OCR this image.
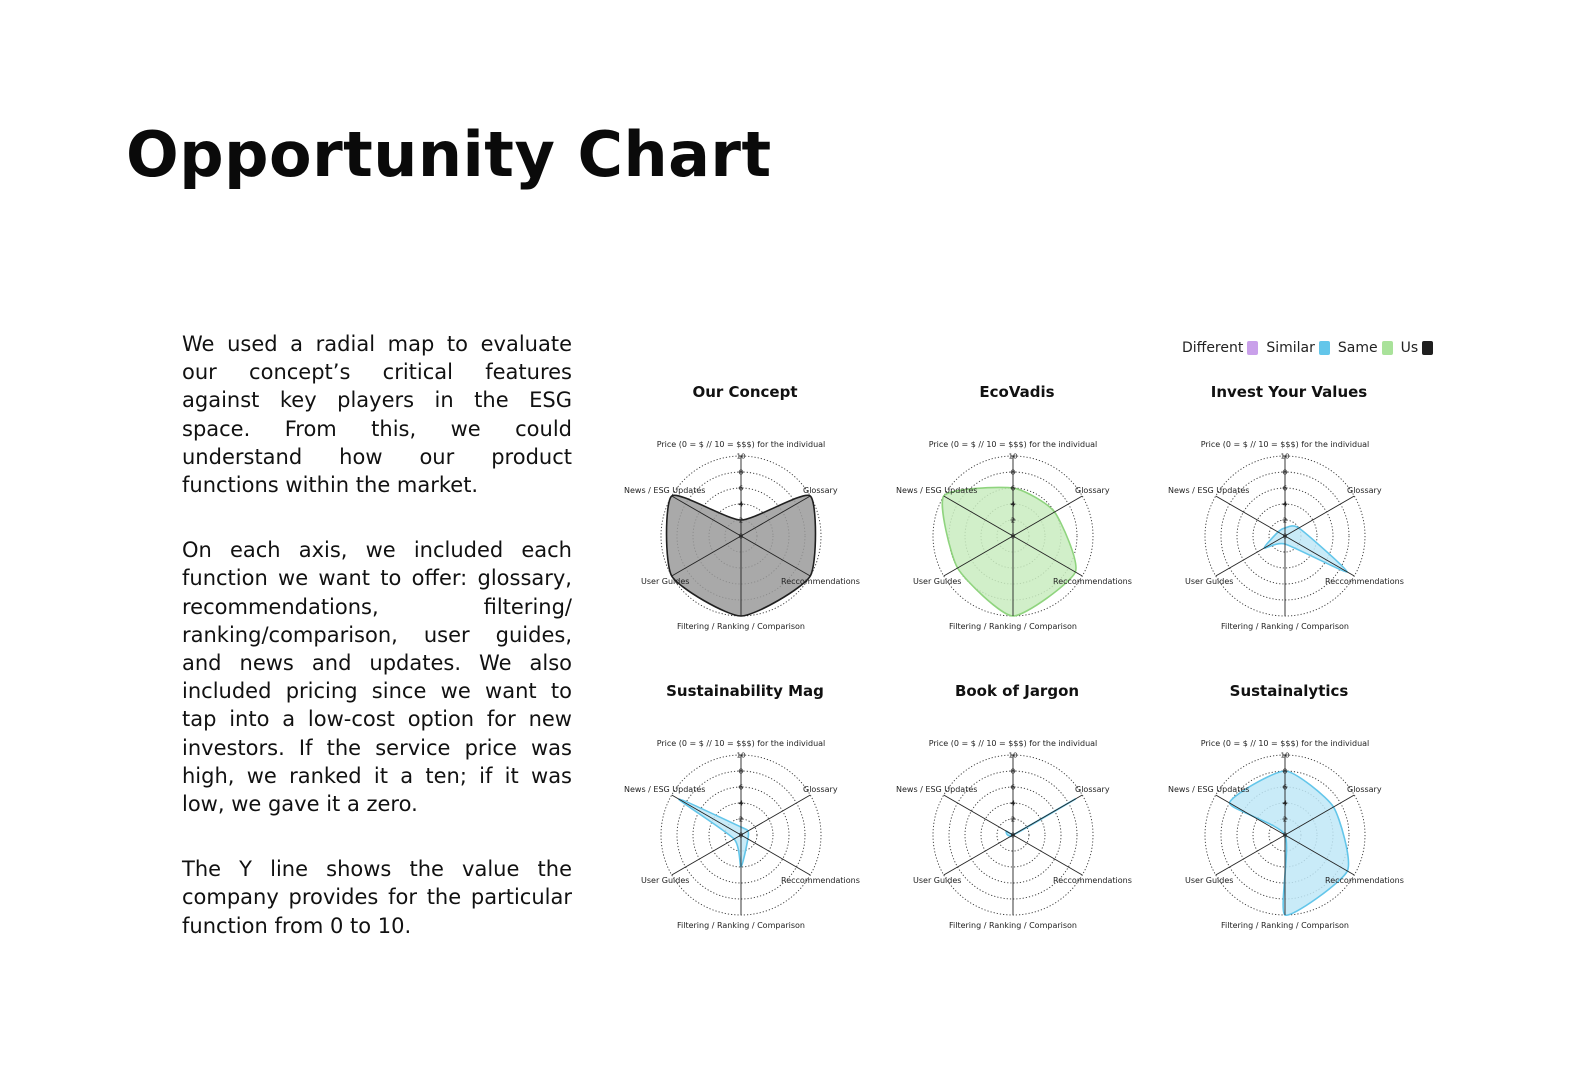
Opportunity Chart

We used a radial map to evaluate our concept’s critical features against key players in the ESG space. From this, we could understand how our product functions within the market.

On each axis, we included each function we want to offer: glossary, recommendations, filtering/ ranking/comparison, user guides, and news and updates. We also included pricing since we want to tap into a low-cost option for new investors. If the service price was high, we ranked it a ten; if it was low, we gave it a zero.

The Y line shows the value the company provides for the particular function from 0 to 10.

Different Similar Same Us
Our Concept
2
4
6
8
10
0
Price (0 = $ // 10 = $$$) for the individual
Glossary
Reccommendations
Filtering / Ranking / Comparison
User Guides
News / ESG Updates
EcoVadis
2
4
6
8
10
0
Price (0 = $ // 10 = $$$) for the individual
Glossary
Reccommendations
Filtering / Ranking / Comparison
User Guides
News / ESG Updates
Invest Your Values
2
4
6
8
10
0
Price (0 = $ // 10 = $$$) for the individual
Glossary
Reccommendations
Filtering / Ranking / Comparison
User Guides
News / ESG Updates
Sustainability Mag
2
4
6
8
10
0
Price (0 = $ // 10 = $$$) for the individual
Glossary
Reccommendations
Filtering / Ranking / Comparison
User Guides
News / ESG Updates
Book of Jargon
2
4
6
8
10
0
Price (0 = $ // 10 = $$$) for the individual
Glossary
Reccommendations
Filtering / Ranking / Comparison
User Guides
News / ESG Updates
Sustainalytics
2
4
6
8
10
0
Price (0 = $ // 10 = $$$) for the individual
Glossary
Reccommendations
Filtering / Ranking / Comparison
User Guides
News / ESG Updates
